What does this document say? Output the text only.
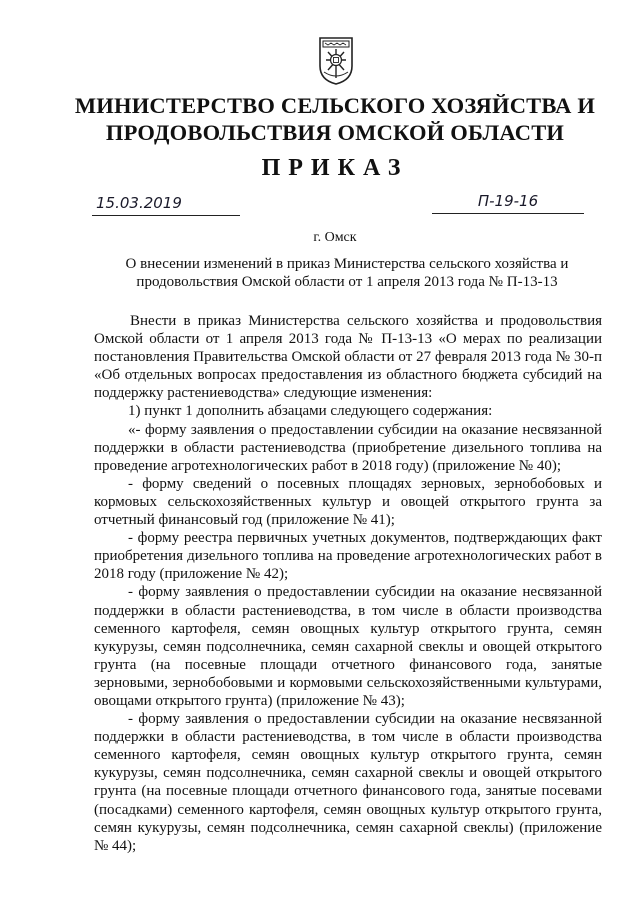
МИНИСТЕРСТВО СЕЛЬСКОГО ХОЗЯЙСТВА И ПРОДОВОЛЬСТВИЯ ОМСКОЙ ОБЛАСТИ
ПРИКАЗ
15.03.2019	П-19-16
г. Омск
О внесении изменений в приказ Министерства сельского хозяйства и продовольствия Омской области от 1 апреля 2013 года № П-13-13

Внести в приказ Министерства сельского хозяйства и продовольствия Омской области от 1 апреля 2013 года № П-13-13 «О мерах по реализации постановления Правительства Омской области от 27 февраля 2013 года № 30-п «Об отдельных вопросах предоставления из областного бюджета субсидий на поддержку растениеводства» следующие изменения:

1) пункт 1 дополнить абзацами следующего содержания:

«- форму заявления о предоставлении субсидии на оказание несвязанной поддержки в области растениеводства (приобретение дизельного топлива на проведение агротехнологических работ в 2018 году) (приложение № 40);

- форму сведений о посевных площадях зерновых, зернобобовых и кормовых сельскохозяйственных культур и овощей открытого грунта за отчетный финансовый год (приложение № 41);

- форму реестра первичных учетных документов, подтверждающих факт приобретения дизельного топлива на проведение агротехнологических работ в 2018 году (приложение № 42);

- форму заявления о предоставлении субсидии на оказание несвязанной поддержки в области растениеводства, в том числе в области производства семенного картофеля, семян овощных культур открытого грунта, семян кукурузы, семян подсолнечника, семян сахарной свеклы и овощей открытого грунта (на посевные площади отчетного финансового года, занятые зерновыми, зернобобовыми и кормовыми сельскохозяйственными культурами, овощами открытого грунта) (приложение № 43);

- форму заявления о предоставлении субсидии на оказание несвязанной поддержки в области растениеводства, в том числе в области производства семенного картофеля, семян овощных культур открытого грунта, семян кукурузы, семян подсолнечника, семян сахарной свеклы и овощей открытого грунта (на посевные площади отчетного финансового года, занятые посевами (посадками) семенного картофеля, семян овощных культур открытого грунта, семян кукурузы, семян подсолнечника, семян сахарной свеклы) (приложение № 44);
